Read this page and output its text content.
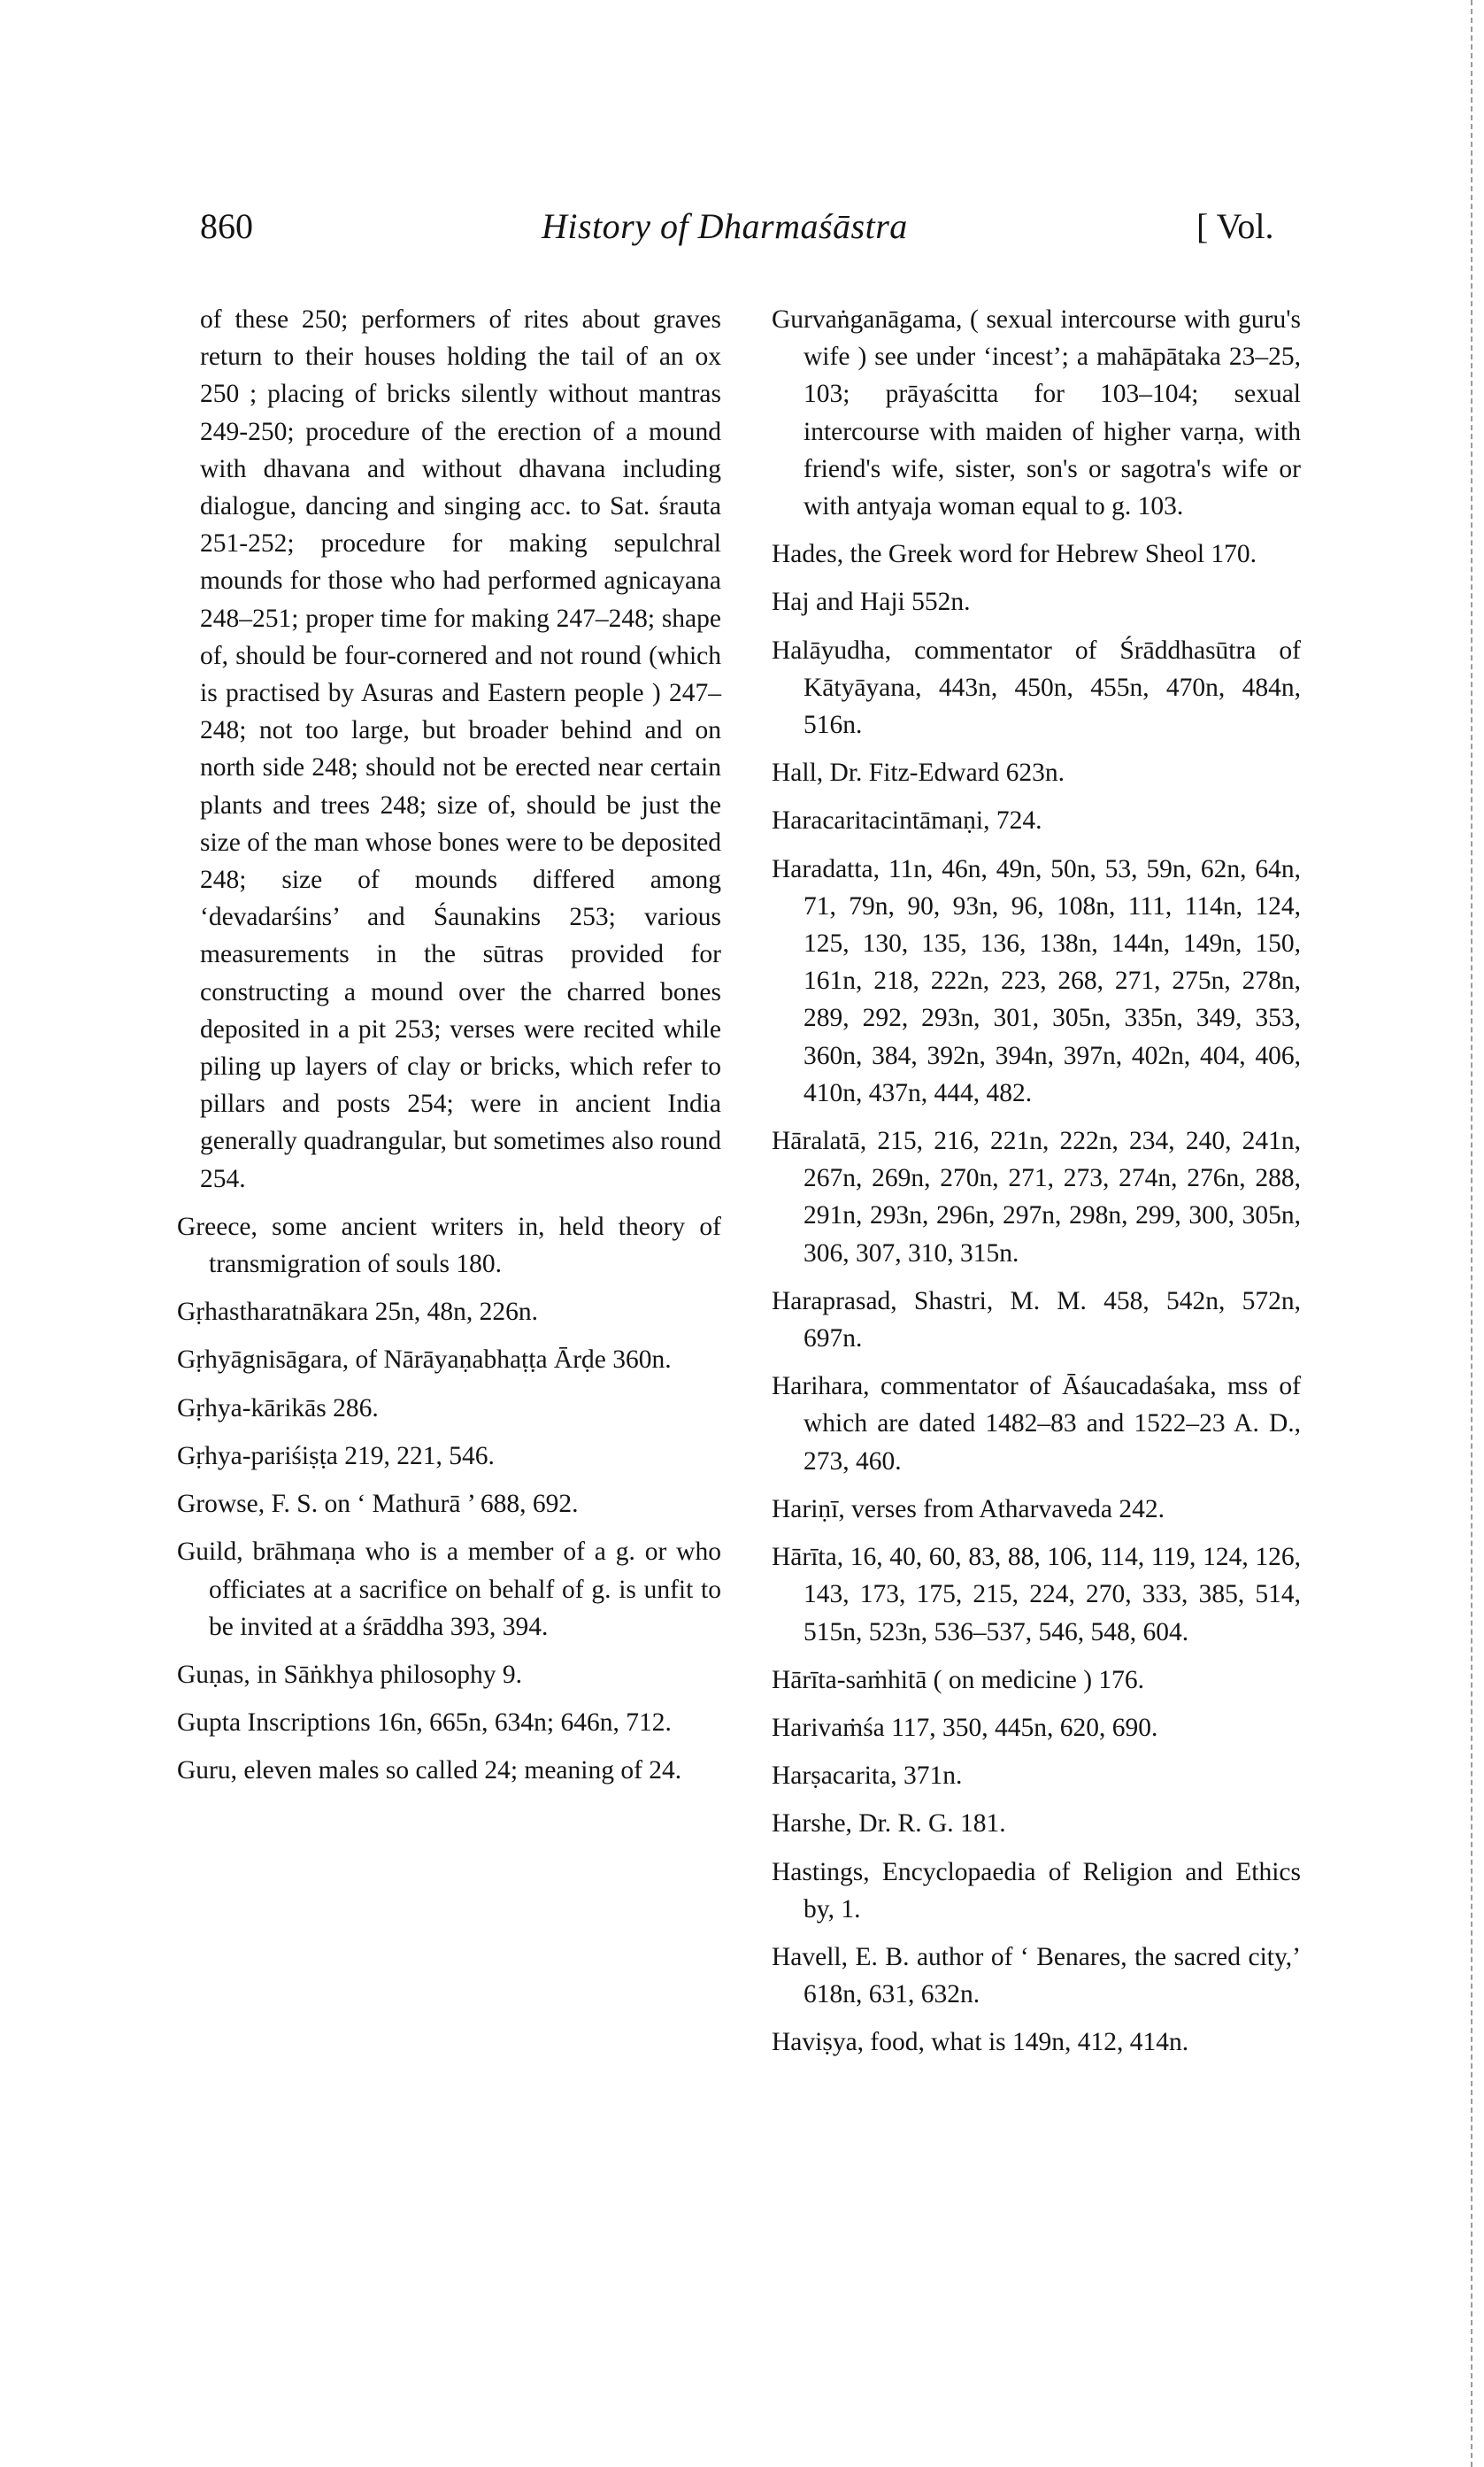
860	History of Dharmaśāstra	[ Vol.

of these 250; performers of rites about graves return to their houses holding the tail of an ox 250 ; placing of bricks silently without mantras 249-250; procedure of the erection of a mound with dhavana and without dhavana including dialogue, dancing and singing acc. to Sat. śrauta 251-252; procedure for making sepulchral mounds for those who had performed agnicayana 248–251; proper time for making 247–248; shape of, should be four-cornered and not round (which is practised by Asuras and Eastern people ) 247–248; not too large, but broader behind and on north side 248; should not be erected near certain plants and trees 248; size of, should be just the size of the man whose bones were to be deposited 248; size of mounds differed among ‘devadarśins’ and Śaunakins 253; various measurements in the sūtras provided for constructing a mound over the charred bones deposited in a pit 253; verses were recited while piling up layers of clay or bricks, which refer to pillars and posts 254; were in ancient India generally quadrangular, but sometimes also round 254.

Greece, some ancient writers in, held theory of transmigration of souls 180.

Gṛhastharatnākara 25n, 48n, 226n.

Gṛhyāgnisāgara, of Nārāyaṇabhaṭṭa Ārḍe 360n.

Gṛhya-kārikās 286.

Gṛhya-pariśiṣṭa 219, 221, 546.

Growse, F. S. on ‘ Mathurā ’ 688, 692.

Guild, brāhmaṇa who is a member of a g. or who officiates at a sacrifice on behalf of g. is unfit to be invited at a śrāddha 393, 394.

Guṇas, in Sāṅkhya philosophy 9.

Gupta Inscriptions 16n, 665n, 634n; 646n, 712.

Guru, eleven males so called 24; meaning of 24.

Gurvaṅganāgama, ( sexual intercourse with guru's wife ) see under ‘incest’; a mahāpātaka 23–25, 103; prāyaścitta for 103–104; sexual intercourse with maiden of higher varṇa, with friend's wife, sister, son's or sagotra's wife or with antyaja woman equal to g. 103.

Hades, the Greek word for Hebrew Sheol 170.

Haj and Haji 552n.

Halāyudha, commentator of Śrāddhasūtra of Kātyāyana, 443n, 450n, 455n, 470n, 484n, 516n.

Hall, Dr. Fitz-Edward 623n.

Haracaritacintāmaṇi, 724.

Haradatta, 11n, 46n, 49n, 50n, 53, 59n, 62n, 64n, 71, 79n, 90, 93n, 96, 108n, 111, 114n, 124, 125, 130, 135, 136, 138n, 144n, 149n, 150, 161n, 218, 222n, 223, 268, 271, 275n, 278n, 289, 292, 293n, 301, 305n, 335n, 349, 353, 360n, 384, 392n, 394n, 397n, 402n, 404, 406, 410n, 437n, 444, 482.

Hāralatā, 215, 216, 221n, 222n, 234, 240, 241n, 267n, 269n, 270n, 271, 273, 274n, 276n, 288, 291n, 293n, 296n, 297n, 298n, 299, 300, 305n, 306, 307, 310, 315n.

Haraprasad, Shastri, M. M. 458, 542n, 572n, 697n.

Harihara, commentator of Āśaucadaśaka, mss of which are dated 1482–83 and 1522–23 A. D., 273, 460.

Hariṇī, verses from Atharvaveda 242.

Hārīta, 16, 40, 60, 83, 88, 106, 114, 119, 124, 126, 143, 173, 175, 215, 224, 270, 333, 385, 514, 515n, 523n, 536–537, 546, 548, 604.

Hārīta-saṁhitā ( on medicine ) 176.

Harivaṁśa 117, 350, 445n, 620, 690.

Harṣacarita, 371n.

Harshe, Dr. R. G. 181.

Hastings, Encyclopaedia of Religion and Ethics by, 1.

Havell, E. B. author of ‘ Benares, the sacred city,’ 618n, 631, 632n.

Haviṣya, food, what is 149n, 412, 414n.
